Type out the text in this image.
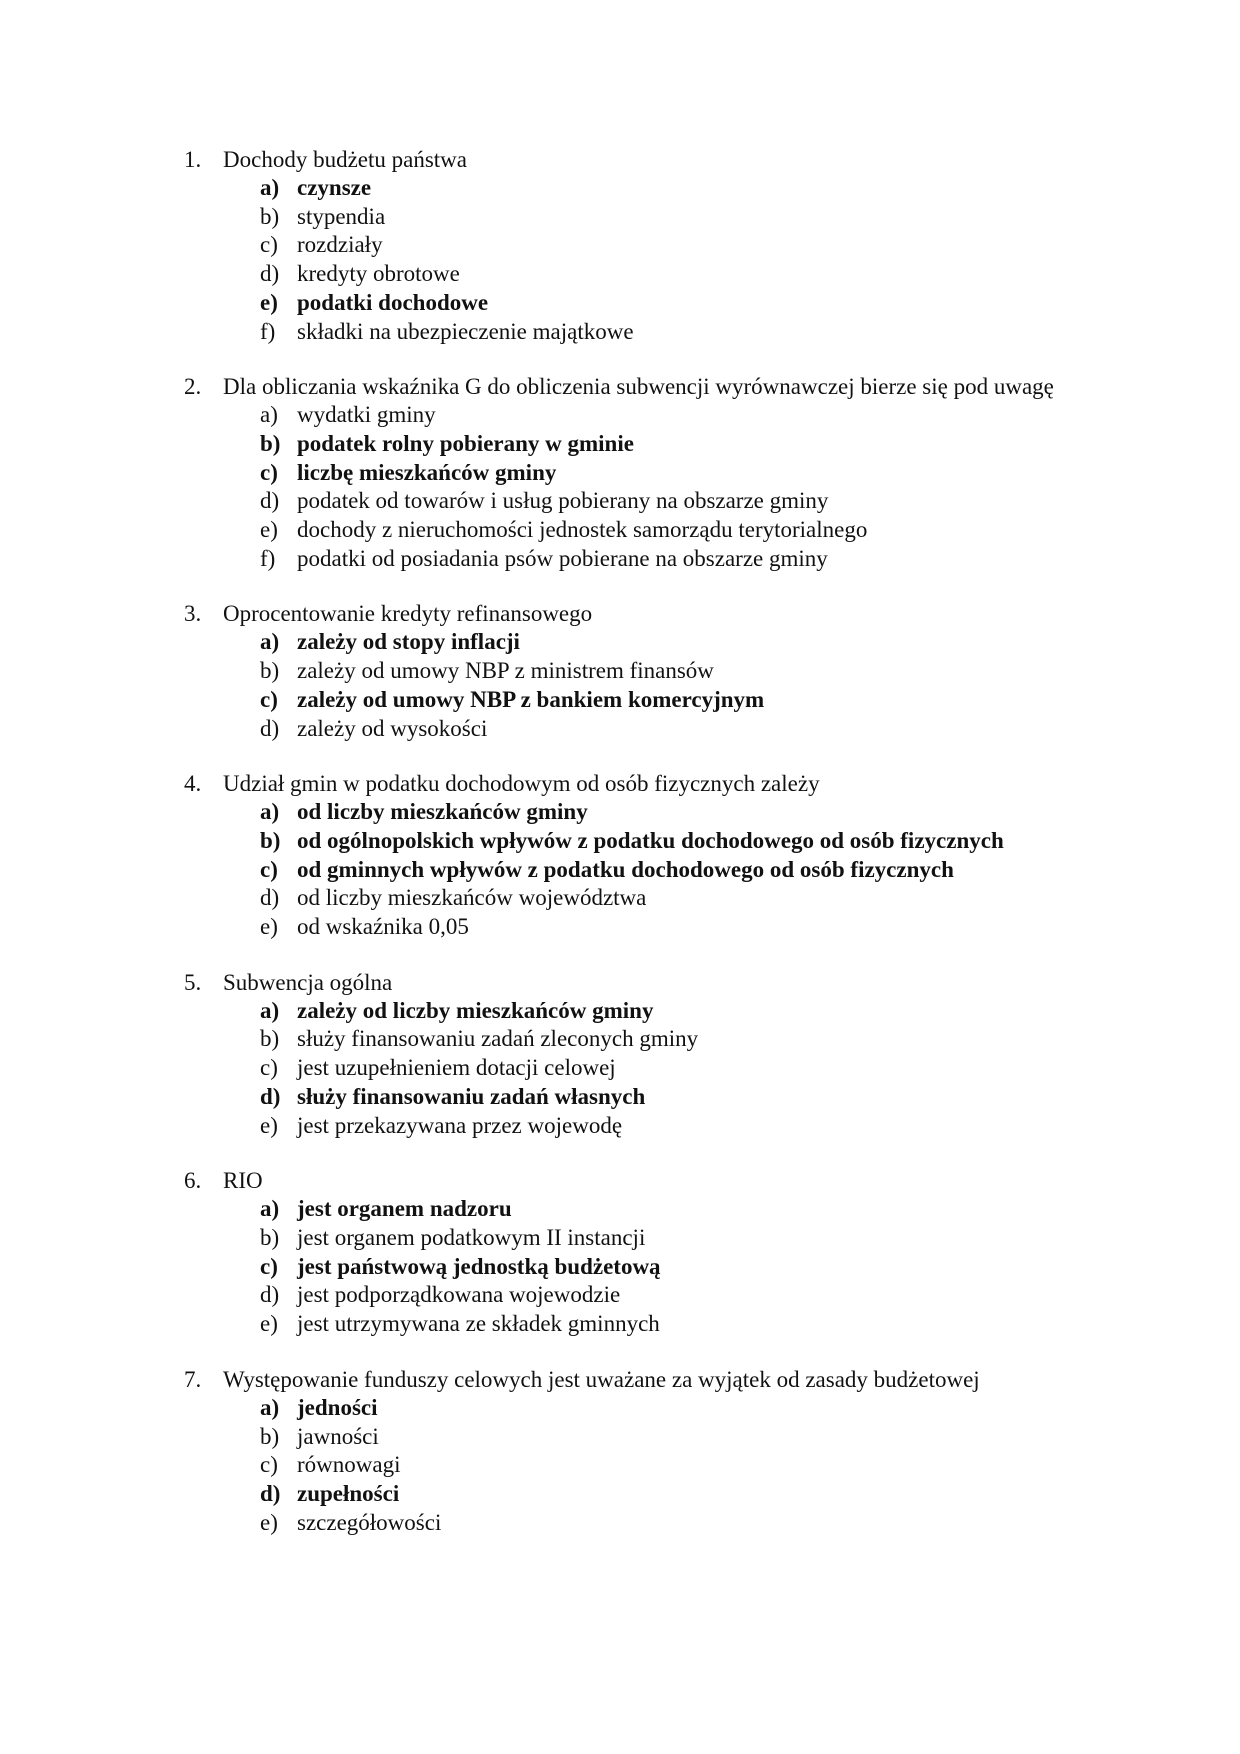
1. Dochody budżetu państwa
a) czynsze
b) stypendia
c) rozdziały
d) kredyty obrotowe
e) podatki dochodowe
f) składki na ubezpieczenie majątkowe
2. Dla obliczania wskaźnika G do obliczenia subwencji wyrównawczej bierze się pod uwagę
a) wydatki gminy
b) podatek rolny pobierany w gminie
c) liczbę mieszkańców gminy
d) podatek od towarów i usług pobierany na obszarze gminy
e) dochody z nieruchomości jednostek samorządu terytorialnego
f) podatki od posiadania psów pobierane na obszarze gminy
3. Oprocentowanie kredyty refinansowego
a) zależy od stopy inflacji
b) zależy od umowy NBP z ministrem finansów
c) zależy od umowy NBP z bankiem komercyjnym
d) zależy od wysokości
4. Udział gmin w podatku dochodowym od osób fizycznych zależy
a) od liczby mieszkańców gminy
b) od ogólnopolskich wpływów z podatku dochodowego od osób fizycznych
c) od gminnych wpływów z podatku dochodowego od osób fizycznych
d) od liczby mieszkańców województwa
e) od wskaźnika 0,05
5. Subwencja ogólna
a) zależy od liczby mieszkańców gminy
b) służy finansowaniu zadań zleconych gminy
c) jest uzupełnieniem dotacji celowej
d) służy finansowaniu zadań własnych
e) jest przekazywana przez wojewodę
6. RIO
a) jest organem nadzoru
b) jest organem podatkowym II instancji
c) jest państwową jednostką budżetową
d) jest podporządkowana wojewodzie
e) jest utrzymywana ze składek gminnych
7. Występowanie funduszy celowych jest uważane za wyjątek od zasady budżetowej
a) jedności
b) jawności
c) równowagi
d) zupełności
e) szczegółowości
